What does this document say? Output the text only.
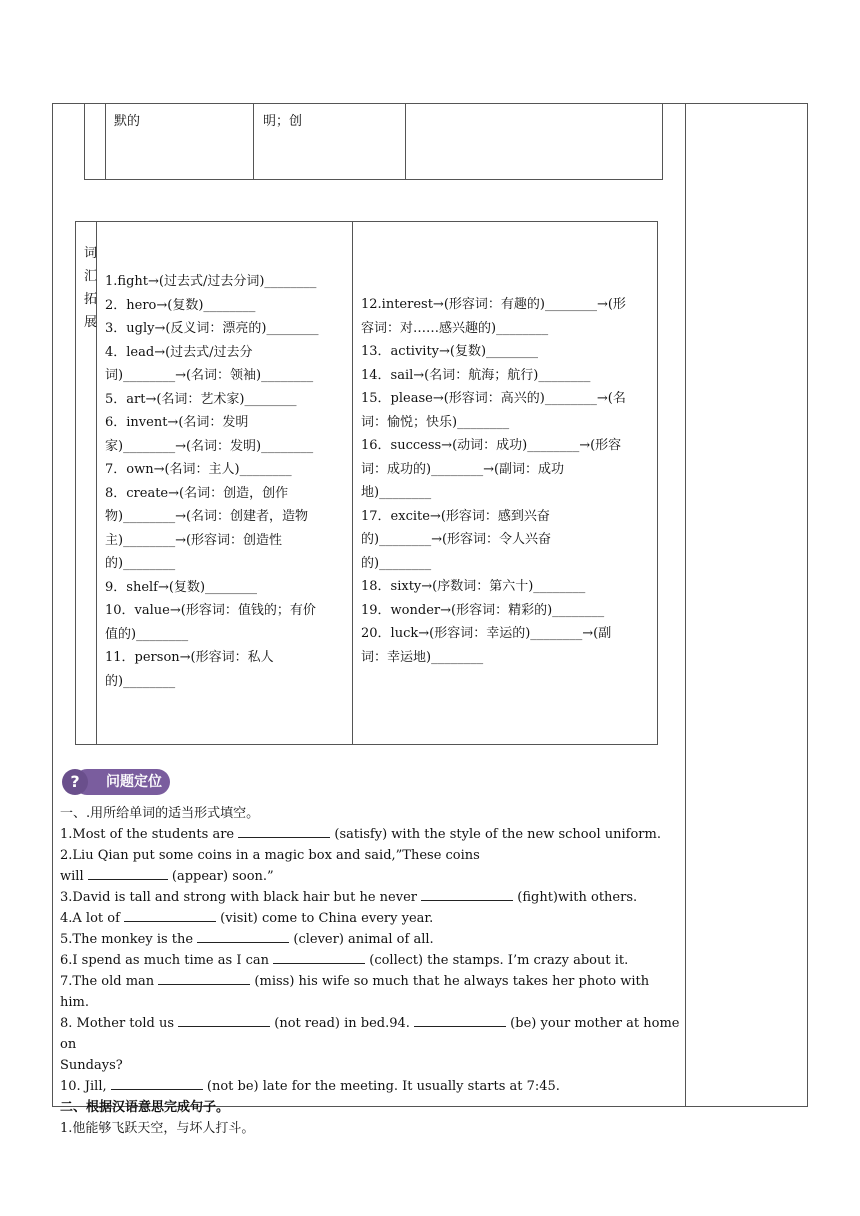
默的	明；创
词
汇
拓
展
1.fight→(过去式/过去分词)________
2．hero→(复数)________
3．ugly→(反义词：漂亮的)________
4．lead→(过去式/过去分
词)________→(名词：领袖)________
5．art→(名词：艺术家)________
6．invent→(名词：发明
家)________→(名词：发明)________
7．own→(名词：主人)________
8．create→(名词：创造，创作
物)________→(名词：创建者，造物
主)________→(形容词：创造性
的)________
9．shelf→(复数)________
10．value→(形容词：值钱的；有价
值的)________
11．person→(形容词：私人
的)________
12.interest→(形容词：有趣的)________→(形
容词：对……感兴趣的)________
13．activity→(复数)________
14．sail→(名词：航海；航行)________
15．please→(形容词：高兴的)________→(名
词：愉悦；快乐)________
16．success→(动词：成功)________→(形容
词：成功的)________→(副词：成功
地)________
17．excite→(形容词：感到兴奋
的)________→(形容词：令人兴奋
的)________
18．sixty→(序数词：第六十)________
19．wonder→(形容词：精彩的)________
20．luck→(形容词：幸运的)________→(副
词：幸运地)________
问题定位
?
一、.用所给单词的适当形式填空。
1.Most of the students are	(satisfy) with the style of the new school uniform.
2.Liu Qian put some coins in a magic box and said,”These coins
will	(appear) soon.”
3.David is tall and strong with black hair but he never	(fight)with others.
4.A lot of	(visit) come to China every year.
5.The monkey is the	(clever) animal of all.
6.I spend as much time as I can	(collect) the stamps. I’m crazy about it.
7.The old man	(miss) his wife so much that he always takes her photo with him.
8. Mother told us	(not read) in bed.94.	(be) your mother at home on
Sundays?
10. Jill,	(not be) late for the meeting. It usually starts at 7:45.
二、根据汉语意思完成句子。
1.他能够飞跃天空，与坏人打斗。
